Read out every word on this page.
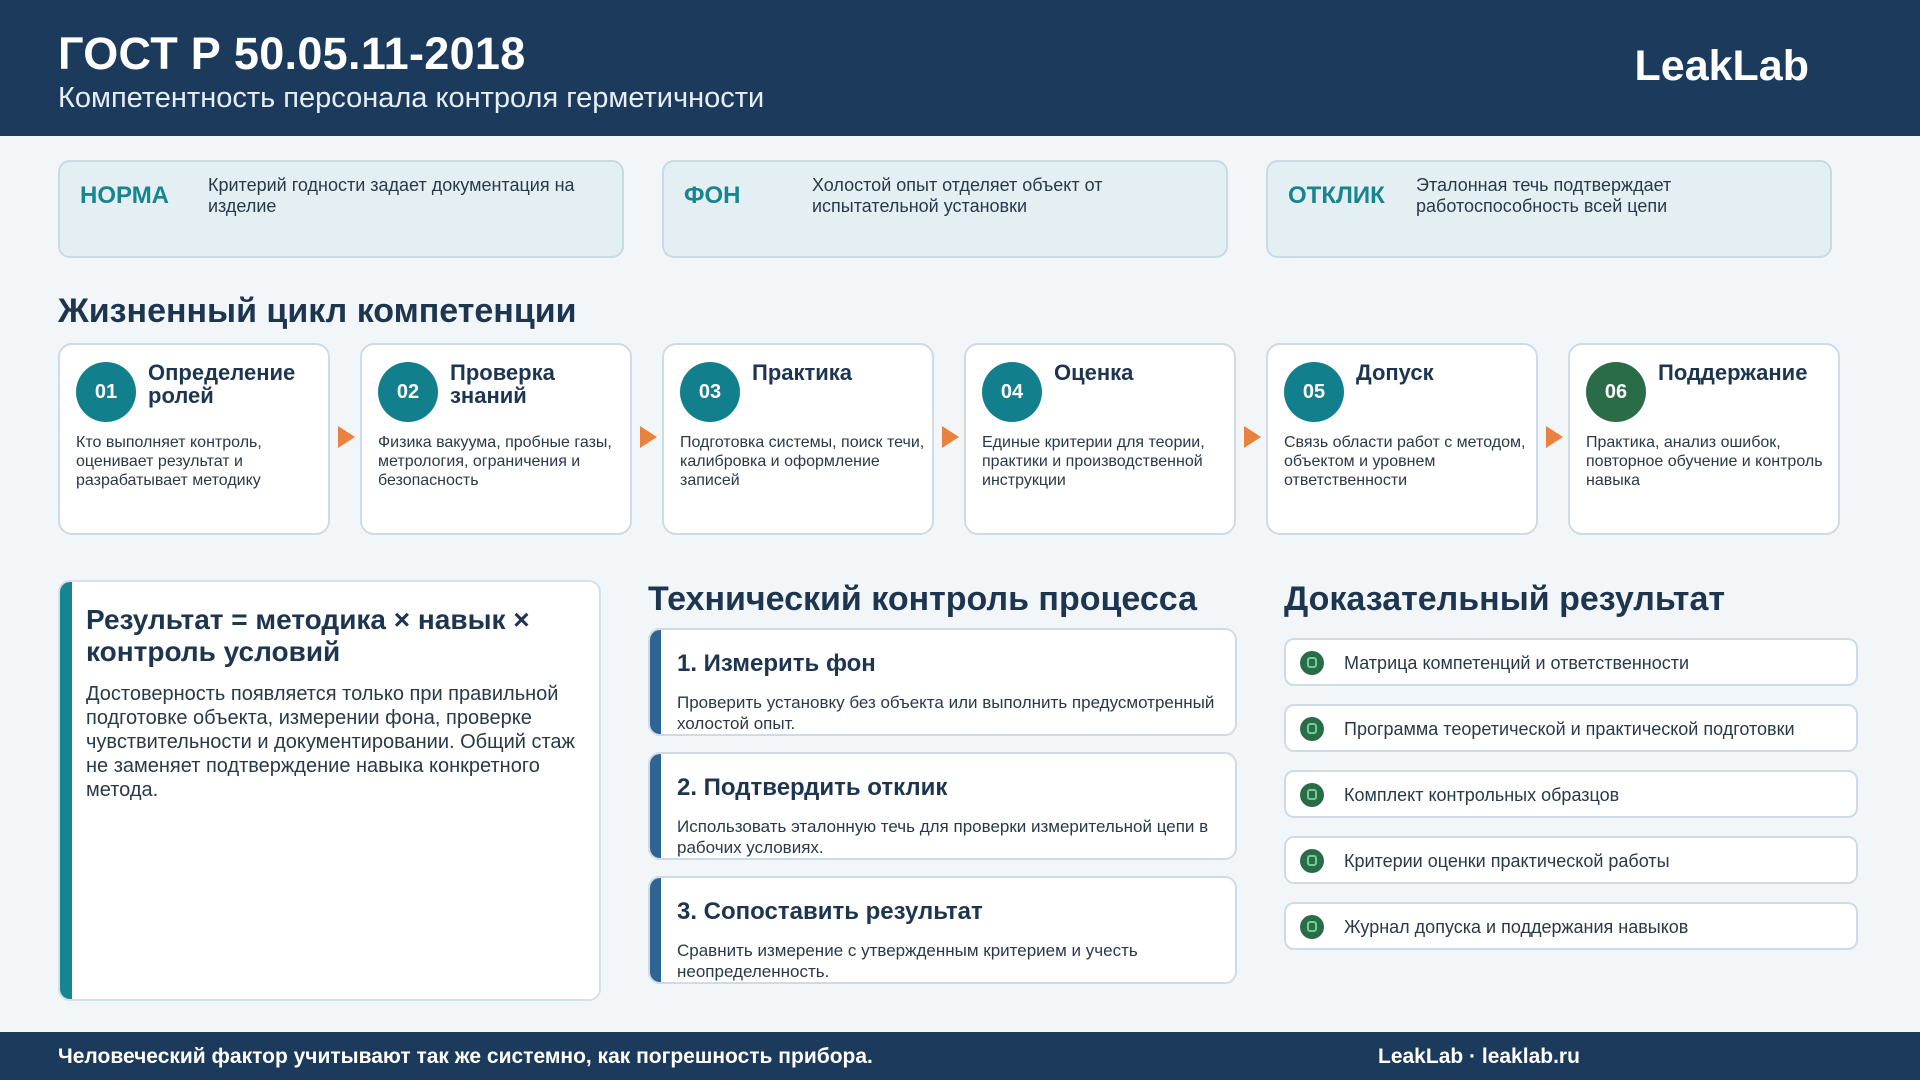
ГОСТ Р 50.05.11-2018
Компетентность персонала контроля герметичности
LeakLab
НОРМА Критерий годности задает документация на изделие	ФОН	Холостой опыт отделяет объект от испытательной установки	ОТКЛИК Эталонная течь подтверждает работоспособность всей цепи
Жизненный цикл компетенции
01
Определение ролей
Кто выполняет контроль, оценивает результат и разрабатывает методику
02
Проверка знаний
Физика вакуума, пробные газы, метрология, ограничения и безопасность
03
Практика
Подготовка системы, поиск течи, калибровка и оформление записей
04
Оценка
Единые критерии для теории, практики и производственной инструкции
05
Допуск
Связь области работ с методом, объектом и уровнем ответственности
06
Поддержание
Практика, анализ ошибок, повторное обучение и контроль навыка
Результат = методика × навык × контроль условий
Достоверность появляется только при правильной подготовке объекта, измерении фона, проверке чувствительности и документировании. Общий стаж не заменяет подтверждение навыка конкретного метода.
Технический контроль процесса
1. Измерить фон
Проверить установку без объекта или выполнить предусмотренный холостой опыт.
2. Подтвердить отклик
Использовать эталонную течь для проверки измерительной цепи в рабочих условиях.
3. Сопоставить результат
Сравнить измерение с утвержденным критерием и учесть неопределенность.
Доказательный результат
Матрица компетенций и ответственности
Программа теоретической и практической подготовки
Комплект контрольных образцов
Критерии оценки практической работы
Журнал допуска и поддержания навыков
Человеческий фактор учитывают так же системно, как погрешность прибора.	LeakLab · leaklab.ru
